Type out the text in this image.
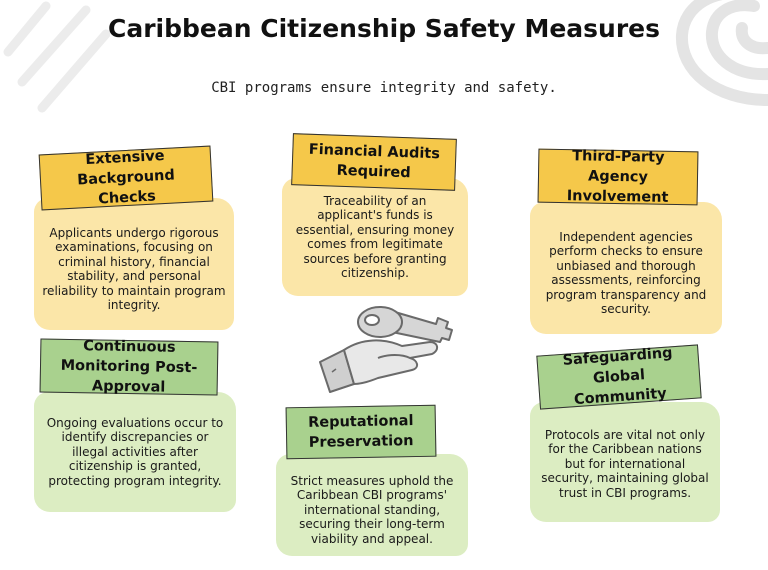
Caribbean Citizenship Safety Measures
CBI programs ensure integrity and safety.
Applicants undergo rigorous examinations, focusing on criminal history, financial stability, and personal reliability to maintain program integrity.
Extensive Background Checks	Traceability of an applicant's funds is essential, ensuring money comes from legitimate sources before granting citizenship.
Financial Audits Required
Independent agencies perform checks to ensure unbiased and thorough assessments, reinforcing program transparency and security.
Third-Party Agency Involvement
Ongoing evaluations occur to identify discrepancies or illegal activities after citizenship is granted, protecting program integrity.
Continuous Monitoring Post-Approval
Strict measures uphold the Caribbean CBI programs' international standing, securing their long-term viability and appeal.
Reputational Preservation	Protocols are vital not only for the Caribbean nations but for international security, maintaining global trust in CBI programs.
Safeguarding Global Community
